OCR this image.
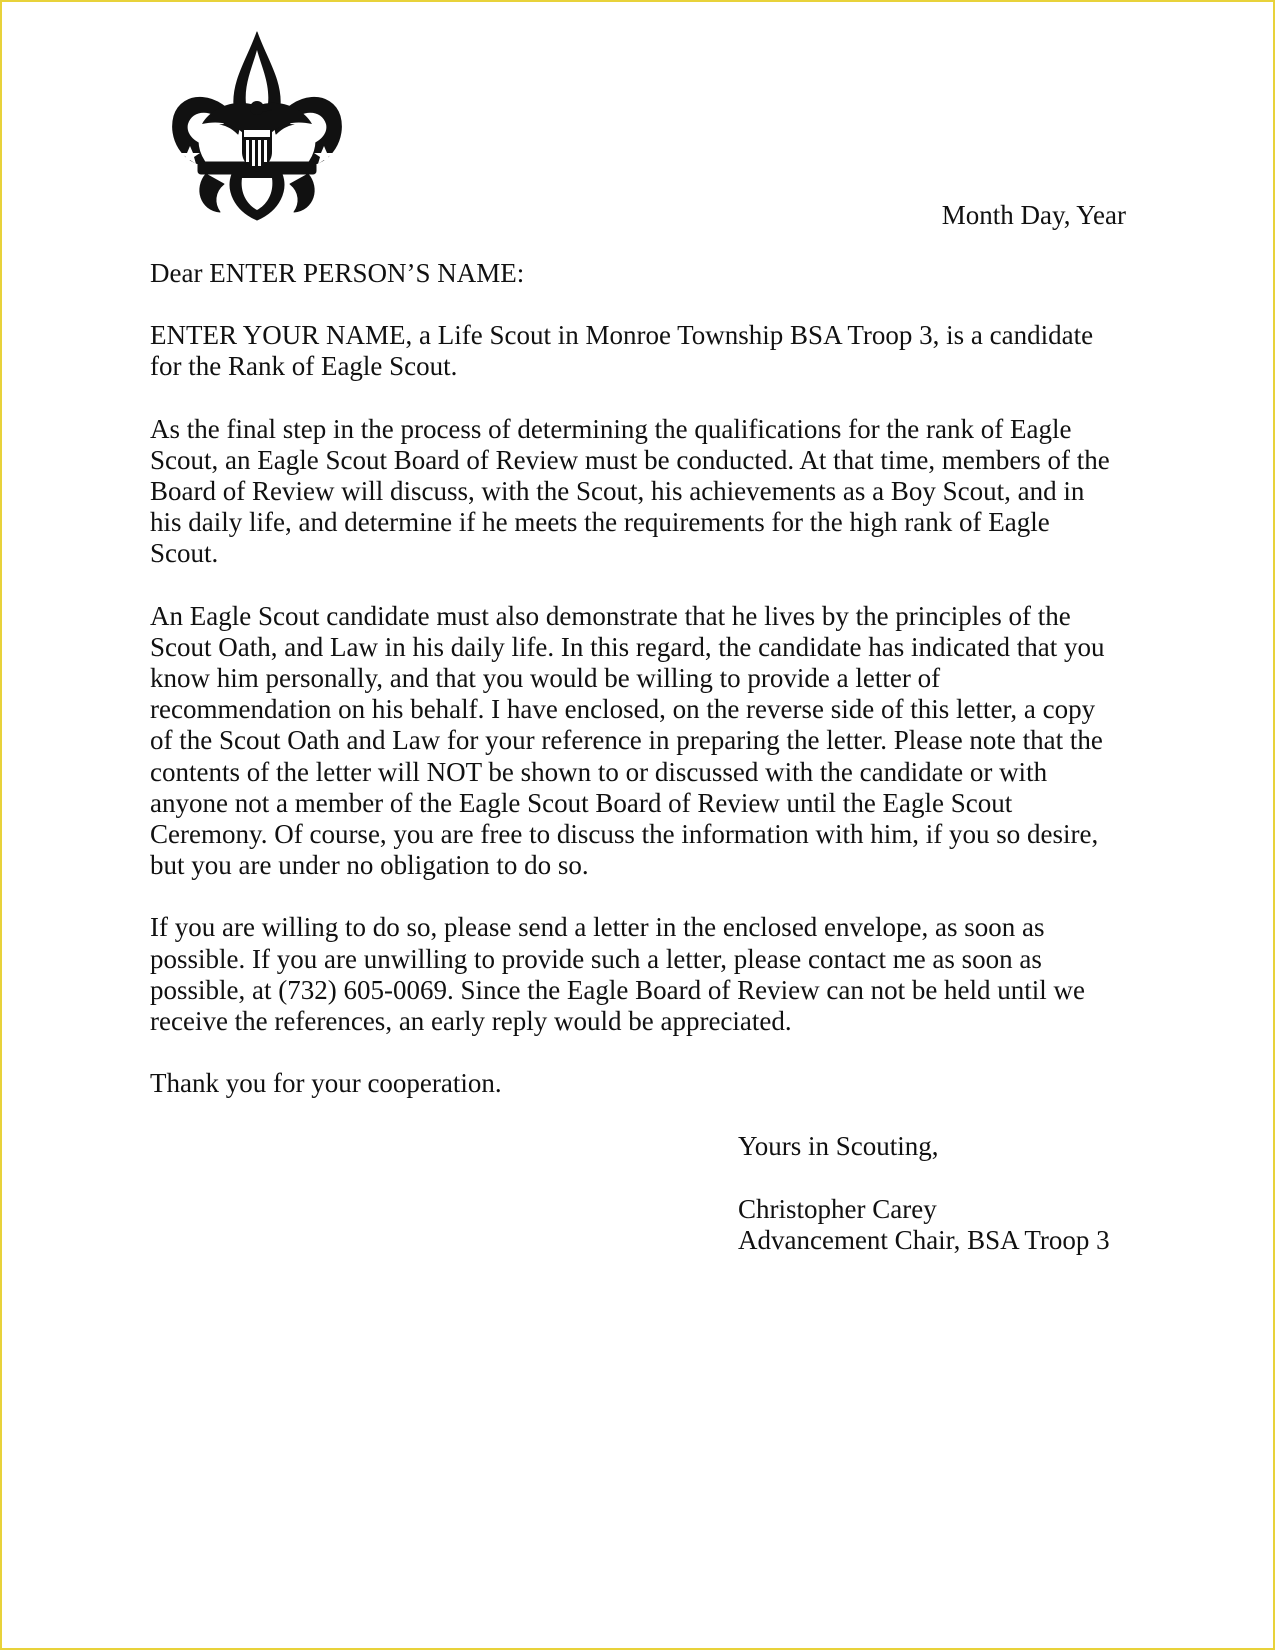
Month Day, Year

Dear ENTER PERSON’S NAME:

ENTER YOUR NAME, a Life Scout in Monroe Township BSA Troop 3, is a candidate
for the Rank of Eagle Scout.

As the final step in the process of determining the qualifications for the rank of Eagle
Scout, an Eagle Scout Board of Review must be conducted. At that time, members of the
Board of Review will discuss, with the Scout, his achievements as a Boy Scout, and in
his daily life, and determine if he meets the requirements for the high rank of Eagle
Scout.

An Eagle Scout candidate must also demonstrate that he lives by the principles of the
Scout Oath, and Law in his daily life. In this regard, the candidate has indicated that you
know him personally, and that you would be willing to provide a letter of
recommendation on his behalf. I have enclosed, on the reverse side of this letter, a copy
of the Scout Oath and Law for your reference in preparing the letter. Please note that the
contents of the letter will NOT be shown to or discussed with the candidate or with
anyone not a member of the Eagle Scout Board of Review until the Eagle Scout
Ceremony. Of course, you are free to discuss the information with him, if you so desire,
but you are under no obligation to do so.

If you are willing to do so, please send a letter in the enclosed envelope, as soon as
possible. If you are unwilling to provide such a letter, please contact me as soon as
possible, at (732) 605-0069. Since the Eagle Board of Review can not be held until we
receive the references, an early reply would be appreciated.

Thank you for your cooperation.

Yours in Scouting,

Christopher Carey
Advancement Chair, BSA Troop 3
